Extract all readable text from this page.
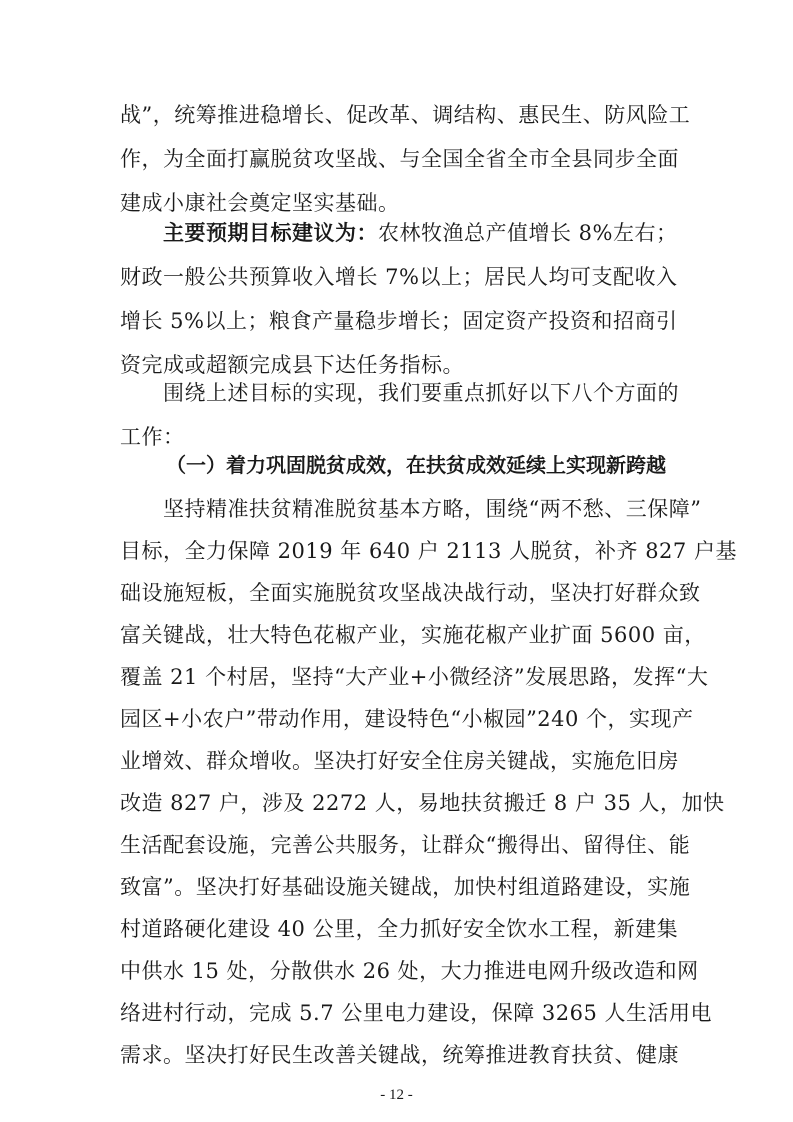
战”，统筹推进稳增长、促改革、调结构、惠民生、防风险工
作，为全面打赢脱贫攻坚战、与全国全省全市全县同步全面
建成小康社会奠定坚实基础。
主要预期目标建议为：农林牧渔总产值增长 8%左右；
财政一般公共预算收入增长 7%以上；居民人均可支配收入
增长 5%以上；粮食产量稳步增长；固定资产投资和招商引
资完成或超额完成县下达任务指标。
围绕上述目标的实现，我们要重点抓好以下八个方面的
工作：
（一）着力巩固脱贫成效，在扶贫成效延续上实现新跨越
坚持精准扶贫精准脱贫基本方略，围绕“两不愁、三保障”
目标，全力保障 2019 年 640 户 2113 人脱贫，补齐 827 户基
础设施短板，全面实施脱贫攻坚战决战行动，坚决打好群众致
富关键战，壮大特色花椒产业，实施花椒产业扩面 5600 亩，
覆盖 21 个村居，坚持“大产业+小微经济”发展思路，发挥“大
园区+小农户”带动作用，建设特色“小椒园”240 个，实现产
业增效、群众增收。坚决打好安全住房关键战，实施危旧房
改造 827 户，涉及 2272 人，易地扶贫搬迁 8 户 35 人，加快
生活配套设施，完善公共服务，让群众“搬得出、留得住、能
致富”。坚决打好基础设施关键战，加快村组道路建设，实施
村道路硬化建设 40 公里，全力抓好安全饮水工程，新建集
中供水 15 处，分散供水 26 处，大力推进电网升级改造和网
络进村行动，完成 5.7 公里电力建设，保障 3265 人生活用电
需求。坚决打好民生改善关键战，统筹推进教育扶贫、健康
- 12 -
